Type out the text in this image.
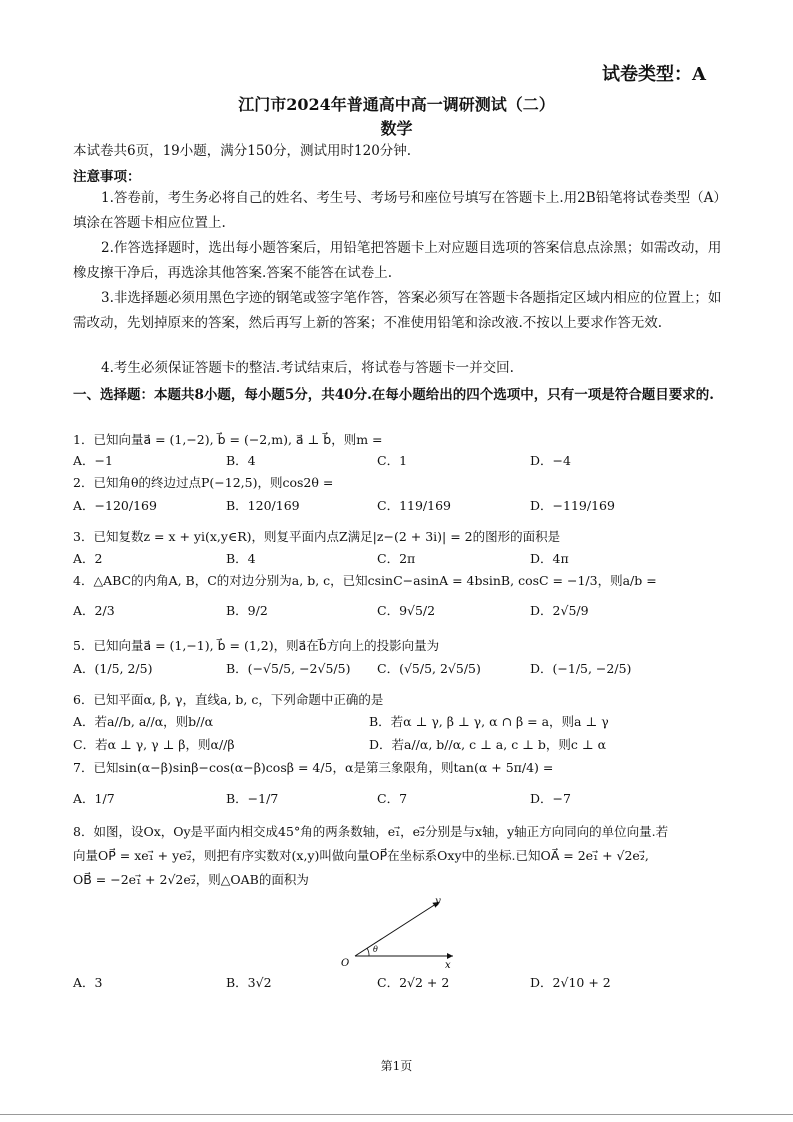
试卷类型：A
江门市2024年普通高中高一调研测试（二）
数学
本试卷共6页，19小题，满分150分，测试用时120分钟.
注意事项：
1.答卷前，考生务必将自己的姓名、考生号、考场号和座位号填写在答题卡上.用2B铅笔将试卷类型（A）填涂在答题卡相应位置上.
2.作答选择题时，选出每小题答案后，用铅笔把答题卡上对应题目选项的答案信息点涂黑；如需改动，用橡皮擦干净后，再选涂其他答案.答案不能答在试卷上.
3.非选择题必须用黑色字迹的钢笔或签字笔作答，答案必须写在答题卡各题指定区域内相应的位置上；如需改动，先划掉原来的答案，然后再写上新的答案；不准使用铅笔和涂改液.不按以上要求作答无效.
4.考生必须保证答题卡的整洁.考试结束后，将试卷与答题卡一并交回.
一、选择题：本题共8小题，每小题5分，共40分.在每小题给出的四个选项中，只有一项是符合题目要求的.
1．已知向量a⃗ = (1,−2), b⃗ = (−2,m), a⃗ ⊥ b⃗，则m =
A．−1	B．4	C．1	D．−4
2．已知角θ的终边过点P(−12,5)，则cos2θ =
A．−120/169	B．120/169	C．119/169	D．−119/169
3．已知复数z = x + yi(x,y∈R)，则复平面内点Z满足|z−(2 + 3i)| = 2的图形的面积是
A．2	B．4	C．2π	D．4π
4．△ABC的内角A, B，C的对边分别为a, b, c，已知csinC−asinA = 4bsinB, cosC = −1/3，则a/b =
A．2/3	B．9/2	C．9√5/2	D．2√5/9
5．已知向量a⃗ = (1,−1), b⃗ = (1,2)，则a⃗在b⃗方向上的投影向量为
A．(1/5, 2/5)	B．(−√5/5, −2√5/5) C．(√5/5, 2√5/5)	D．(−1/5, −2/5)
6．已知平面α, β, γ，直线a, b, c，下列命题中正确的是
A．若a//b, a//α，则b//α	B．若α ⊥ γ, β ⊥ γ, α ∩ β = a，则a ⊥ γ
C．若α ⊥ γ, γ ⊥ β，则α//β	D．若a//α, b//α, c ⊥ a, c ⊥ b，则c ⊥ α
7．已知sin(α−β)sinβ−cos(α−β)cosβ = 4/5，α是第三象限角，则tan(α + 5π/4) =
A．1/7	B．−1/7	C．7	D．−7
8．如图，设Ox，Oy是平面内相交成45°角的两条数轴，e₁⃗，e₂⃗分别是与x轴，y轴正方向同向的单位向量.若
向量OP⃗ = xe₁⃗ + ye₂⃗，则把有序实数对(x,y)叫做向量OP⃗在坐标系Oxy中的坐标.已知OA⃗ = 2e₁⃗ + √2e₂⃗,
OB⃗ = −2e₁⃗ + 2√2e₂⃗，则△OAB的面积为
O	x
y
θ
A．3	B．3√2	C．2√2 + 2	D．2√10 + 2
第1页
